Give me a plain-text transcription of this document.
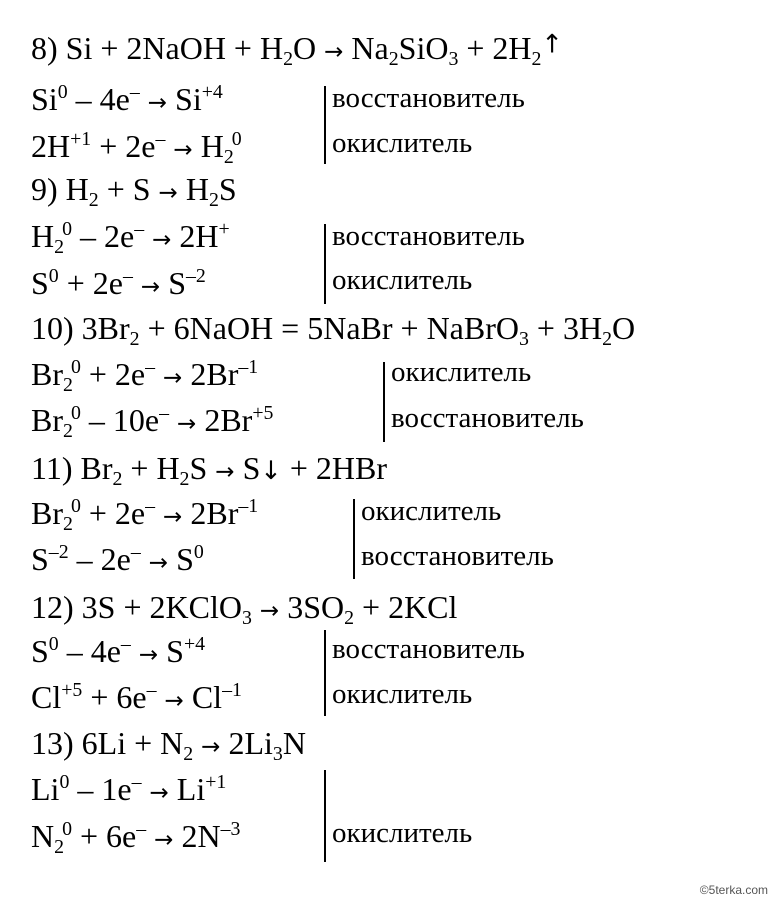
8) Si + 2NaOH + $H_2O \to Na_2SiO_3 + 2H_2^↑$
$Si^0 - 4e^- \to Si^{+4}$
$2H^{+1} + 2e^- \to H_2^0$
восстановитель
окислитель
9) $H_2 + S \to H_2S$
$H_2^0 - 2e^- \to 2H^+$
$S^0 + 2e^- \to S^{-2}$
восстановитель
окислитель
10) $3Br_2$ + 6NaOH = 5NaBr + NaBrO$_3$ + $3H_2O$
$Br_2^0 + 2e^- \to 2Br^{-1}$
$Br_2^0 - 10e^- \to 2Br^{+5}$
окислитель
восстановитель
11) $Br_2 + H_2S$ → S↓ + 2HBr
$Br_2^0 + 2e^- \to 2Br^{-1}$
$S^{-2} - 2e^- \to S^0$
окислитель
восстановитель
12) 3S + 2KClO$_3$ → $3SO_2 + 2KCl$
$S^0 - 4e^- \to S^{+4}$
$Cl^{+5} + 6e^- \to Cl^{-1}$
восстановитель
окислитель
13) $6Li + N_2 \to 2Li_3N$
$Li^0 - 1e^- \to Li^{+1}$
$N_2^0 + 6e^- \to 2N^{-3}$	окислитель
©5terka.com
